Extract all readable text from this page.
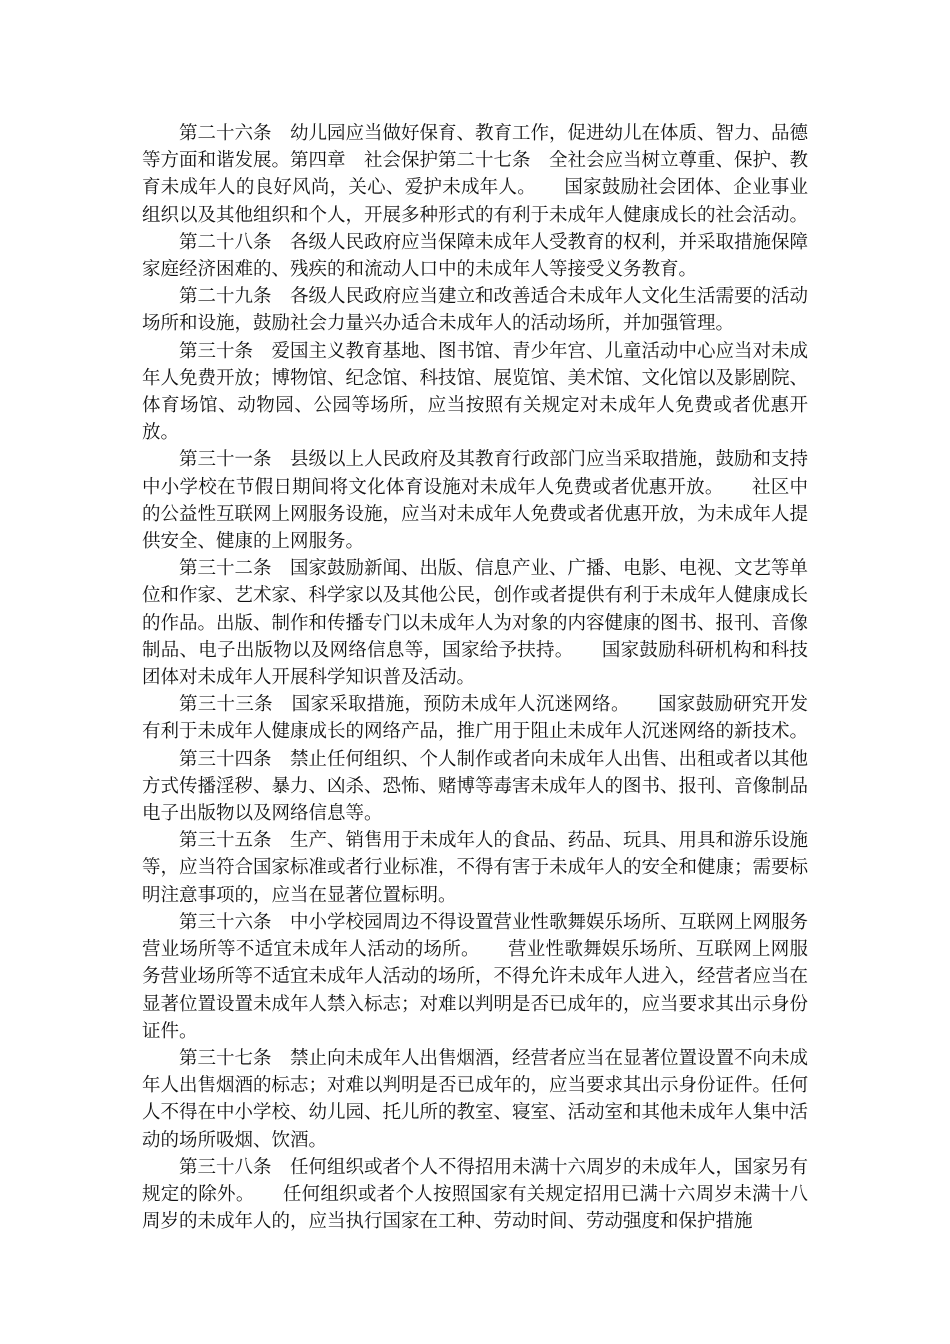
第二十六条　幼儿园应当做好保育、教育工作，促进幼儿在体质、智力、品德等方面和谐发展。第四章　社会保护第二十七条　全社会应当树立尊重、保护、教育未成年人的良好风尚，关心、爱护未成年人。　　国家鼓励社会团体、企业事业组织以及其他组织和个人，开展多种形式的有利于未成年人健康成长的社会活动。

第二十八条　各级人民政府应当保障未成年人受教育的权利，并采取措施保障家庭经济困难的、残疾的和流动人口中的未成年人等接受义务教育。

第二十九条　各级人民政府应当建立和改善适合未成年人文化生活需要的活动场所和设施，鼓励社会力量兴办适合未成年人的活动场所，并加强管理。

第三十条　爱国主义教育基地、图书馆、青少年宫、儿童活动中心应当对未成年人免费开放；博物馆、纪念馆、科技馆、展览馆、美术馆、文化馆以及影剧院、体育场馆、动物园、公园等场所，应当按照有关规定对未成年人免费或者优惠开放。

第三十一条　县级以上人民政府及其教育行政部门应当采取措施，鼓励和支持中小学校在节假日期间将文化体育设施对未成年人免费或者优惠开放。　　社区中的公益性互联网上网服务设施，应当对未成年人免费或者优惠开放，为未成年人提供安全、健康的上网服务。

第三十二条　国家鼓励新闻、出版、信息产业、广播、电影、电视、文艺等单位和作家、艺术家、科学家以及其他公民，创作或者提供有利于未成年人健康成长的作品。出版、制作和传播专门以未成年人为对象的内容健康的图书、报刊、音像制品、电子出版物以及网络信息等，国家给予扶持。　　国家鼓励科研机构和科技团体对未成年人开展科学知识普及活动。

第三十三条　国家采取措施，预防未成年人沉迷网络。　　国家鼓励研究开发有利于未成年人健康成长的网络产品，推广用于阻止未成年人沉迷网络的新技术。

第三十四条　禁止任何组织、个人制作或者向未成年人出售、出租或者以其他方式传播淫秽、暴力、凶杀、恐怖、赌博等毒害未成年人的图书、报刊、音像制品电子出版物以及网络信息等。

第三十五条　生产、销售用于未成年人的食品、药品、玩具、用具和游乐设施等，应当符合国家标准或者行业标准，不得有害于未成年人的安全和健康；需要标明注意事项的，应当在显著位置标明。

第三十六条　中小学校园周边不得设置营业性歌舞娱乐场所、互联网上网服务营业场所等不适宜未成年人活动的场所。　　营业性歌舞娱乐场所、互联网上网服务营业场所等不适宜未成年人活动的场所，不得允许未成年人进入，经营者应当在显著位置设置未成年人禁入标志；对难以判明是否已成年的，应当要求其出示身份证件。

第三十七条　禁止向未成年人出售烟酒，经营者应当在显著位置设置不向未成年人出售烟酒的标志；对难以判明是否已成年的，应当要求其出示身份证件。任何人不得在中小学校、幼儿园、托儿所的教室、寝室、活动室和其他未成年人集中活动的场所吸烟、饮酒。

第三十八条　任何组织或者个人不得招用未满十六周岁的未成年人，国家另有规定的除外。　　任何组织或者个人按照国家有关规定招用已满十六周岁未满十八周岁的未成年人的，应当执行国家在工种、劳动时间、劳动强度和保护措施
